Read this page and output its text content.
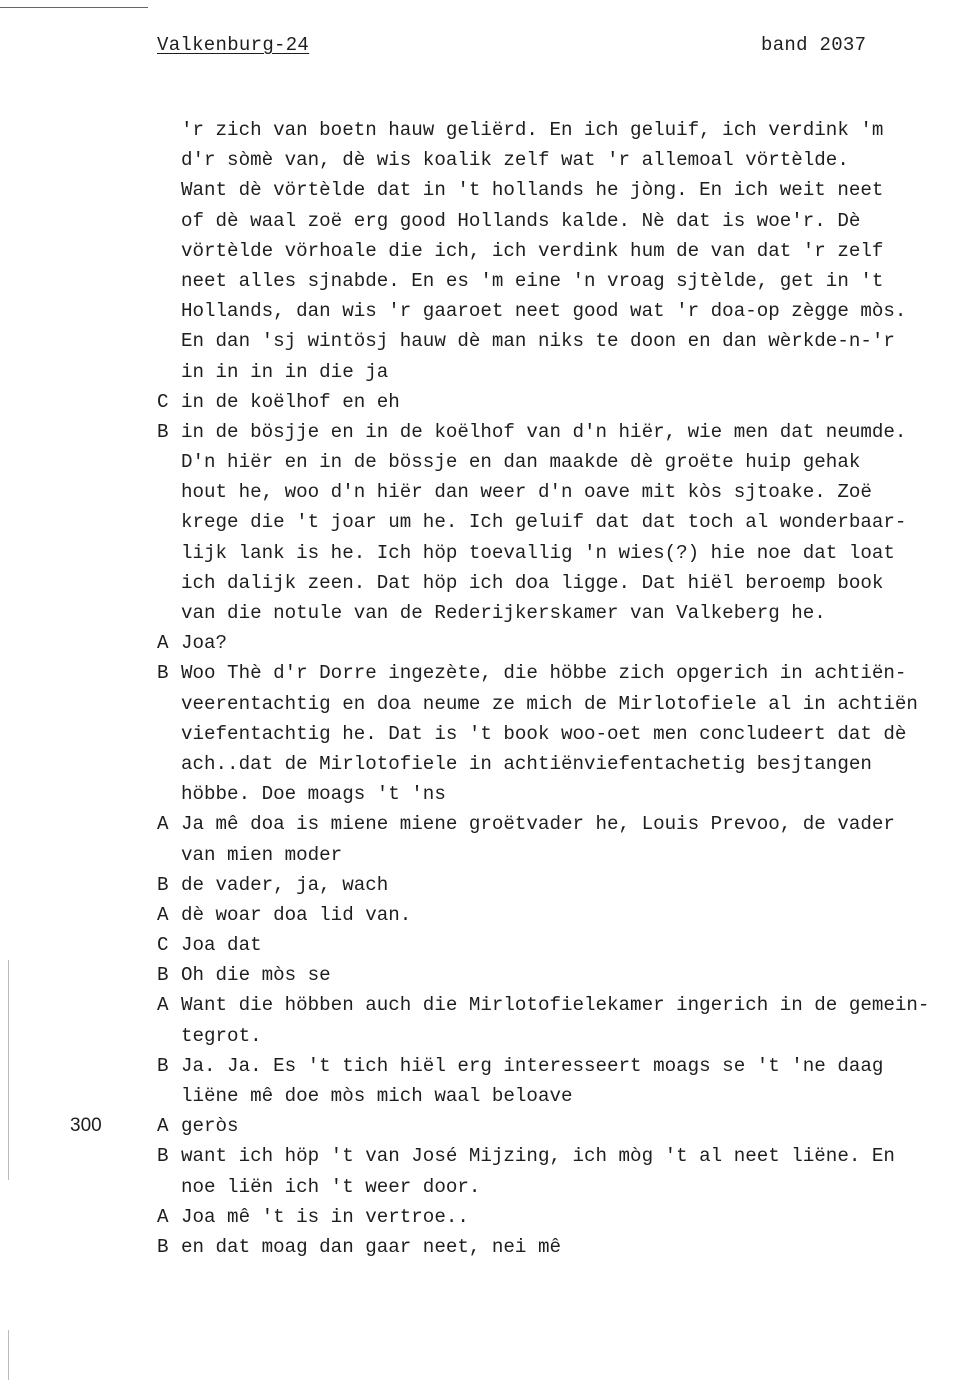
Valkenburg-24	band 2037
'r zich van boetn hauw geliërd. En ich geluif, ich verdink 'm
d'r sòmè van, dè wis koalik zelf wat 'r allemoal vörtèlde.
Want dè vörtèlde dat in 't hollands he jòng. En ich weit neet
of dè waal zoë erg good Hollands kalde. Nè dat is woe'r. Dè
vörtèlde vörhoale die ich, ich verdink hum de van dat 'r zelf
neet alles sjnabde. En es 'm eine 'n vroag sjtèlde, get in 't
Hollands, dan wis 'r gaaroet neet good wat 'r doa-op zègge mòs.
En dan 'sj wintösj hauw dè man niks te doon en dan wèrkde-n-'r
in in in in die ja
C in de koëlhof en eh
B in de bösjje en in de koëlhof van d'n hiër, wie men dat neumde.
D'n hiër en in de bössje en dan maakde dè groëte huip gehak
hout he, woo d'n hiër dan weer d'n oave mit kòs sjtoake. Zoë
krege die 't joar um he. Ich geluif dat dat toch al wonderbaar-
lijk lank is he. Ich höp toevallig 'n wies(?) hie noe dat loat
ich dalijk zeen. Dat höp ich doa ligge. Dat hiël beroemp book
van die notule van de Rederijkerskamer van Valkeberg he.
A Joa?
B Woo Thè d'r Dorre ingezète, die höbbe zich opgerich in achtiën-
veerentachtig en doa neume ze mich de Mirlotofiele al in achtiën
viefentachtig he. Dat is 't book woo-oet men concludeert dat dè
ach..dat de Mirlotofiele in achtiënviefentachetig besjtangen
höbbe. Doe moags 't 'ns
A Ja mê doa is miene miene groëtvader he, Louis Prevoo, de vader
van mien moder
B de vader, ja, wach
A dè woar doa lid van.
C Joa dat
B Oh die mòs se
A Want die höbben auch die Mirlotofielekamer ingerich in de gemein-
tegrot.
B Ja. Ja. Es 't tich hiël erg interesseert moags se 't 'ne daag
liëne mê doe mòs mich waal beloave
A geròs
300
B want ich höp 't van José Mijzing, ich mòg 't al neet liëne. En
noe liën ich 't weer door.
A Joa mê 't is in vertroe..
B en dat moag dan gaar neet, nei mê
